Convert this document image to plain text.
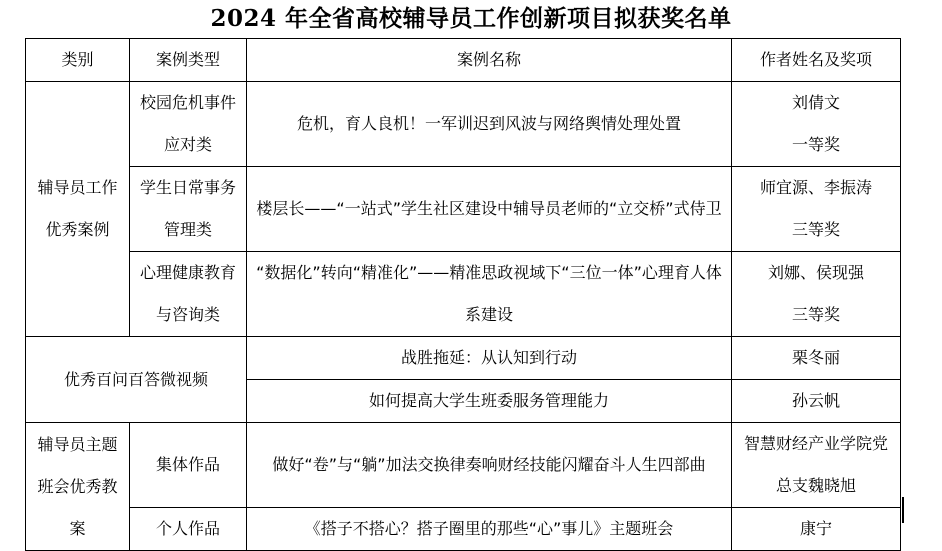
2024 年全省高校辅导员工作创新项目拟获奖名单
类别	案例类型	案例名称	作者姓名及奖项

辅导员工作优秀案例	校园危机事件应对类	危机，育人良机！一军训迟到风波与网络舆情处理处置	刘倩文
一等奖

	学生日常事务管理类	楼层长——“一站式”学生社区建设中辅导员老师的“立交桥”式侍卫	师宜源、李振涛
三等奖

	心理健康教育与咨询类	“数据化”转向“精准化”——精准思政视域下“三位一体”心理育人体系建设	刘娜、侯现强
三等奖

优秀百问百答微视频		战胜拖延：从认知到行动	栗冬丽

		如何提高大学生班委服务管理能力	孙云帆

辅导员主题班会优秀教案	集体作品	做好“卷”与“躺”加法交换律奏响财经技能闪耀奋斗人生四部曲	智慧财经产业学院党总支魏晓旭

	个人作品	《搭子不搭心？搭子圈里的那些“心”事儿》主题班会	康宁
